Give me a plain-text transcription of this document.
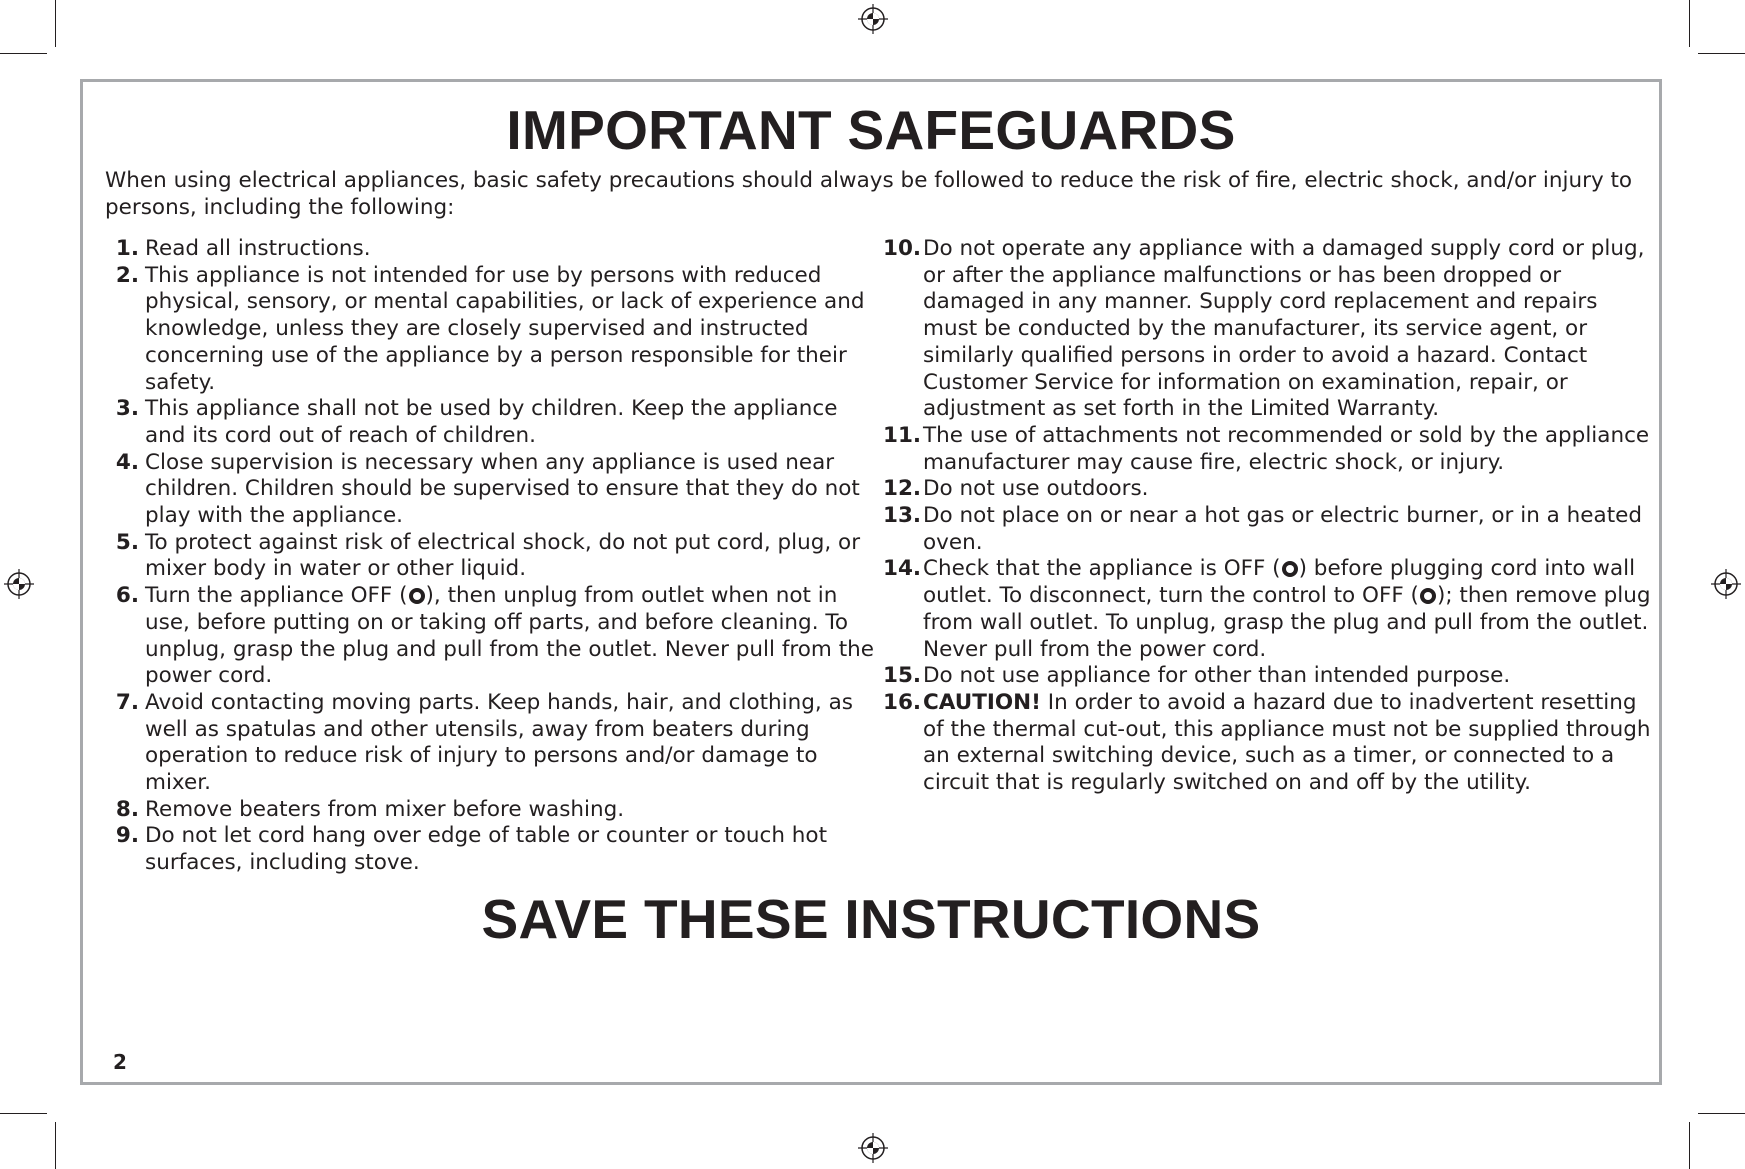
IMPORTANT SAFEGUARDS

When using electrical appliances, basic safety precautions should always be followed to reduce the risk of fire, electric shock, and/or injury to persons, including the following:

1. Read all instructions.
2. This appliance is not intended for use by persons with reduced physical, sensory, or mental capabilities, or lack of experience and knowledge, unless they are closely supervised and instructed concerning use of the appliance by a person responsible for their safety.
3. This appliance shall not be used by children. Keep the appliance and its cord out of reach of children.
4. Close supervision is necessary when any appliance is used near children. Children should be supervised to ensure that they do not play with the appliance.
5. To protect against risk of electrical shock, do not put cord, plug, or mixer body in water or other liquid.
6. Turn the appliance OFF ( ), then unplug from outlet when not in use, before putting on or taking off parts, and before cleaning. To unplug, grasp the plug and pull from the outlet. Never pull from the power cord.
7. Avoid contacting moving parts. Keep hands, hair, and clothing, as well as spatulas and other utensils, away from beaters during operation to reduce risk of injury to persons and/or damage to mixer.
8. Remove beaters from mixer before washing.
9. Do not let cord hang over edge of table or counter or touch hot surfaces, including stove.
10. Do not operate any appliance with a damaged supply cord or plug, or after the appliance malfunctions or has been dropped or damaged in any manner. Supply cord replacement and repairs must be conducted by the manufacturer, its service agent, or similarly qualified persons in order to avoid a hazard. Contact Customer Service for information on examination, repair, or adjustment as set forth in the Limited Warranty.
11. The use of attachments not recommended or sold by the appliance manufacturer may cause fire, electric shock, or injury.
12. Do not use outdoors.
13. Do not place on or near a hot gas or electric burner, or in a heated oven.
14. Check that the appliance is OFF ( ) before plugging cord into wall outlet. To disconnect, turn the control to OFF ( ); then remove plug from wall outlet. To unplug, grasp the plug and pull from the outlet. Never pull from the power cord.
15. Do not use appliance for other than intended purpose.
16. CAUTION! In order to avoid a hazard due to inadvertent resetting of the thermal cut-out, this appliance must not be supplied through an external switching device, such as a timer, or connected to a circuit that is regularly switched on and off by the utility.
SAVE THESE INSTRUCTIONS
2
